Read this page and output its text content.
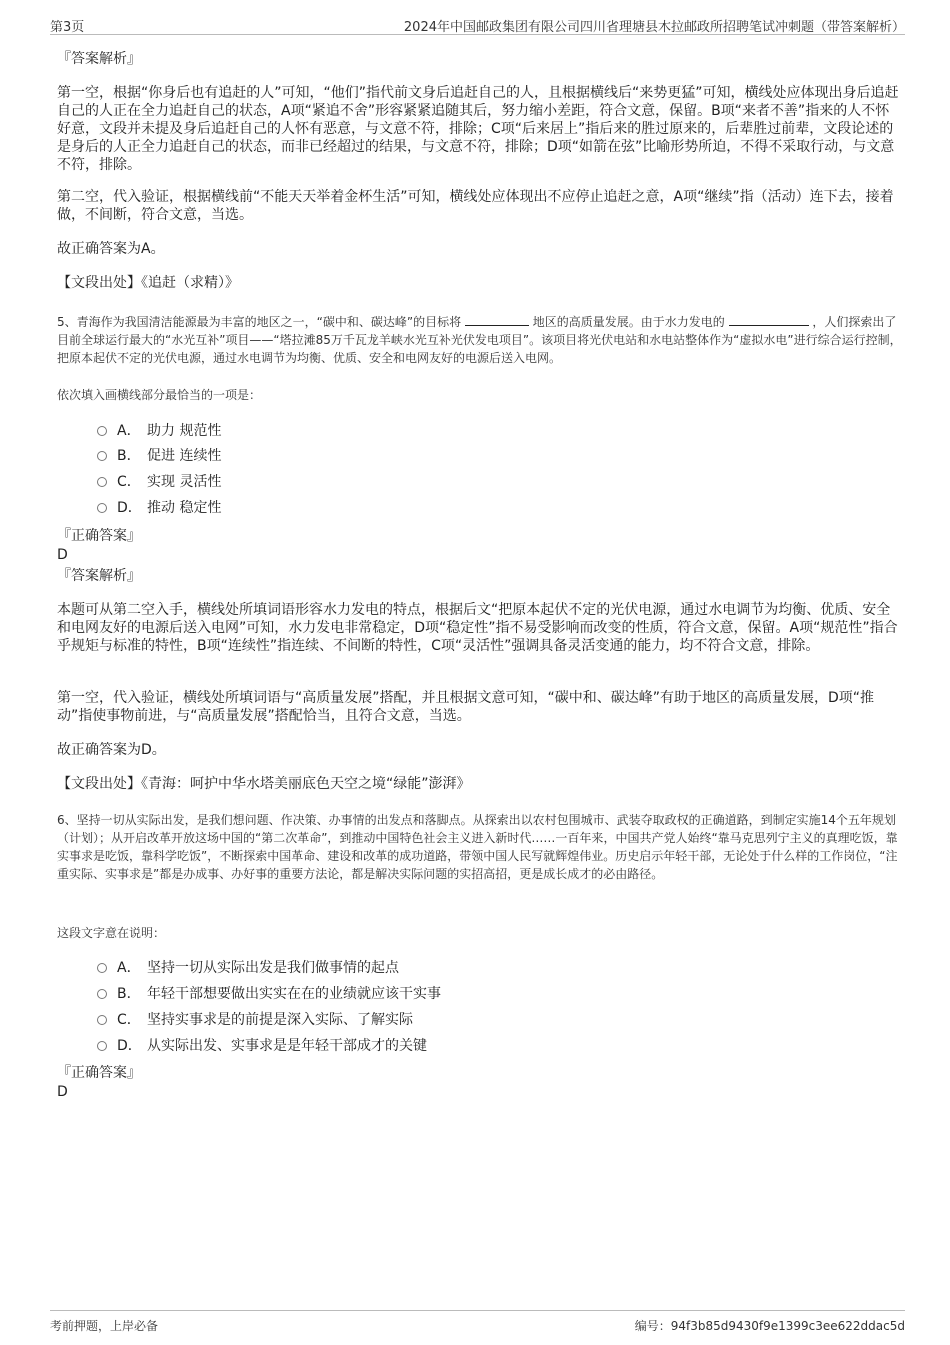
第3页	2024年中国邮政集团有限公司四川省理塘县木拉邮政所招聘笔试冲刺题（带答案解析）
『答案解析』

第一空，根据“你身后也有追赶的人”可知，“他们”指代前文身后追赶自己的人，且根据横线后“来势更猛”可知，横线处应体现出身后追赶自己的人正在全力追赶自己的状态，A项“紧追不舍”形容紧紧追随其后，努力缩小差距，符合文意，保留。B项“来者不善”指来的人不怀好意，文段并未提及身后追赶自己的人怀有恶意，与文意不符，排除；C项“后来居上”指后来的胜过原来的，后辈胜过前辈，文段论述的是身后的人正全力追赶自己的状态，而非已经超过的结果，与文意不符，排除；D项“如箭在弦”比喻形势所迫，不得不采取行动，与文意不符，排除。

第二空，代入验证，根据横线前“不能天天举着金杯生活”可知，横线处应体现出不应停止追赶之意，A项“继续”指（活动）连下去，接着做，不间断，符合文意，当选。

故正确答案为A。
【文段出处】《追赶（求精）》

5、青海作为我国清洁能源最为丰富的地区之一，“碳中和、碳达峰”的目标将	地区的高质量发展。由于水力发电的	，人们探索出了目前全球运行最大的“水光互补”项目——“塔拉滩85万千瓦龙羊峡水光互补光伏发电项目”。该项目将光伏电站和水电站整体作为“虚拟水电”进行综合运行控制，把原本起伏不定的光伏电源，通过水电调节为均衡、优质、安全和电网友好的电源后送入电网。

依次填入画横线部分最恰当的一项是：
A． 助力 规范性
B． 促进 连续性
C． 实现 灵活性
D． 推动 稳定性
『正确答案』
D
『答案解析』

本题可从第二空入手，横线处所填词语形容水力发电的特点，根据后文“把原本起伏不定的光伏电源，通过水电调节为均衡、优质、安全和电网友好的电源后送入电网”可知，水力发电非常稳定，D项“稳定性”指不易受影响而改变的性质，符合文意，保留。A项“规范性”指合乎规矩与标准的特性，B项“连续性”指连续、不间断的特性，C项“灵活性”强调具备灵活变通的能力，均不符合文意，排除。

第一空，代入验证，横线处所填词语与“高质量发展”搭配，并且根据文意可知，“碳中和、碳达峰”有助于地区的高质量发展，D项“推动”指使事物前进，与“高质量发展”搭配恰当，且符合文意，当选。

故正确答案为D。
【文段出处】《青海：呵护中华水塔美丽底色天空之境“绿能”澎湃》

6、坚持一切从实际出发，是我们想问题、作决策、办事情的出发点和落脚点。从探索出以农村包围城市、武装夺取政权的正确道路，到制定实施14个五年规划（计划）；从开启改革开放这场中国的“第二次革命”，到推动中国特色社会主义进入新时代……一百年来，中国共产党人始终“靠马克思列宁主义的真理吃饭，靠实事求是吃饭，靠科学吃饭”，不断探索中国革命、建设和改革的成功道路，带领中国人民写就辉煌伟业。历史启示年轻干部，无论处于什么样的工作岗位，“注重实际、实事求是”都是办成事、办好事的重要方法论，都是解决实际问题的实招高招，更是成长成才的必由路径。

这段文字意在说明：
A． 坚持一切从实际出发是我们做事情的起点
B． 年轻干部想要做出实实在在的业绩就应该干实事
C． 坚持实事求是的前提是深入实际、了解实际
D． 从实际出发、实事求是是年轻干部成才的关键
『正确答案』
D
考前押题，上岸必备	编号：94f3b85d9430f9e1399c3ee622ddac5d
